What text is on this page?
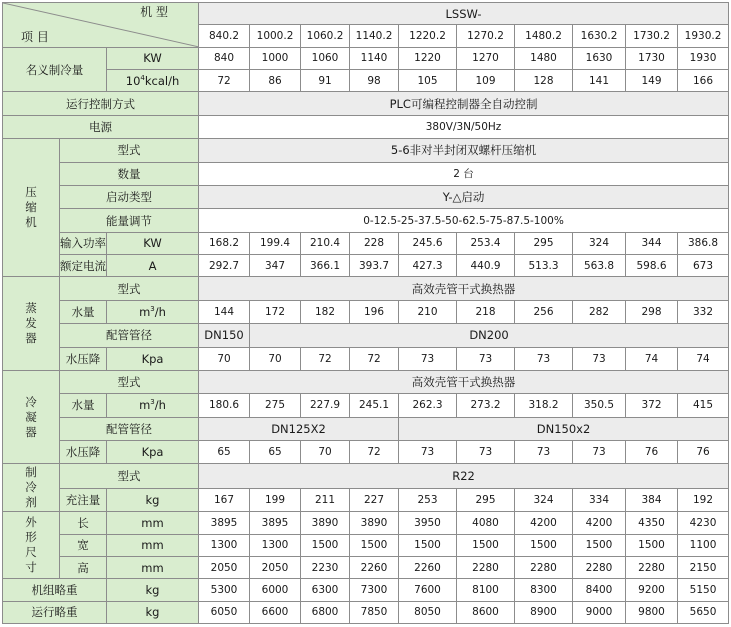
机 型
项 目			LSSW-									
			840.2	1000.2	1060.2	1140.2	1220.2	1270.2	1480.2	1630.2	1730.2	1930.2
名义制冷量		KW	840	1000	1060	1140	1220	1270	1480	1630	1730	1930
		$10^4kcal/h$	72	86	91	98	105	109	128	141	149	166
运行控制方式			PLC可编程控制器全自动控制									
电源			380V/3N/50Hz									
压
缩
机	型式		5-6非对半封闭双螺杆压缩机									
	数量		2 台									
	启动类型		Y-△启动									
	能量调节		0-12.5-25-37.5-50-62.5-75-87.5-100%									
	输入功率	KW	168.2	199.4	210.4	228	245.6	253.4	295	324	344	386.8
	额定电流	A	292.7	347	366.1	393.7	427.3	440.9	513.3	563.8	598.6	673
蒸
发
器	型式		高效壳管干式换热器									
	水量	$m^3/h$	144	172	182	196	210	218	256	282	298	332
	配管管径		DN150	DN200								
	水压降	Kpa	70	70	72	72	73	73	73	73	74	74
冷
凝
器	型式		高效壳管干式换热器									
	水量	$m^3/h$	180.6	275	227.9	245.1	262.3	273.2	318.2	350.5	372	415
	配管管径		DN125X2				DN150x2					
	水压降	Kpa	65	65	70	72	73	73	73	73	76	76
制
冷
剂	型式		R22									
	充注量	kg	167	199	211	227	253	295	324	334	384	192
外
形
尺
寸	长	mm	3895	3895	3890	3890	3950	4080	4200	4200	4350	4230
	宽	mm	1300	1300	1500	1500	1500	1500	1500	1500	1500	1100
	高	mm	2050	2050	2230	2260	2260	2280	2280	2280	2280	2150
机组略重		kg	5300	6000	6300	7300	7600	8100	8300	8400	9200	5150
运行略重		kg	6050	6600	6800	7850	8050	8600	8900	9000	9800	5650
